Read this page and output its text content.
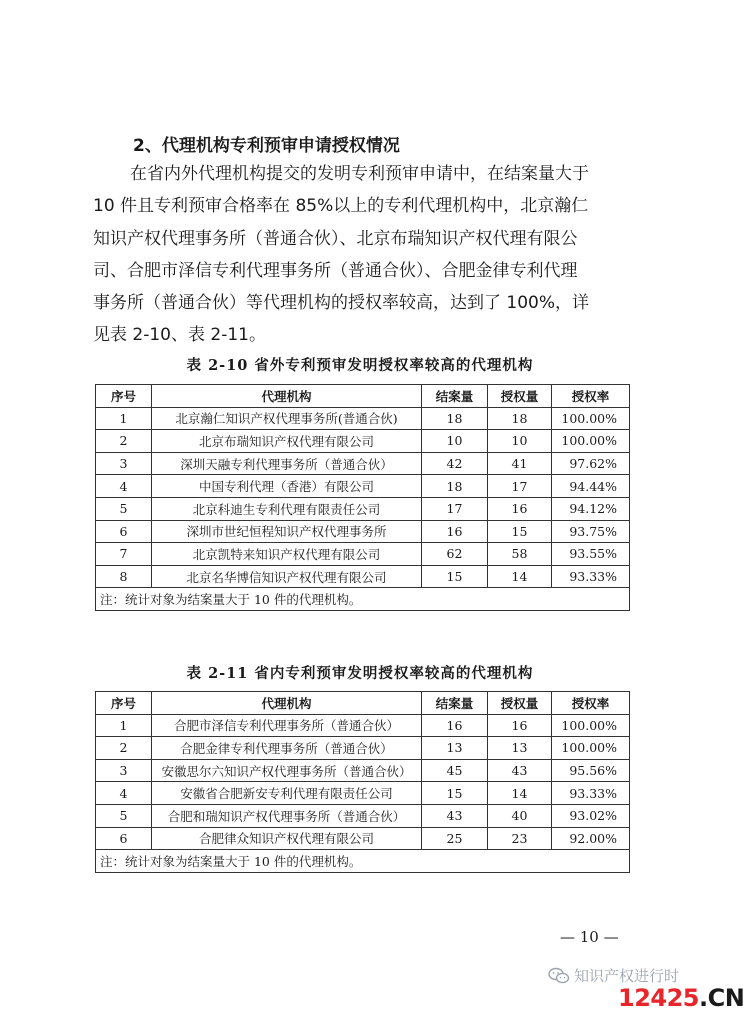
2、代理机构专利预审申请授权情况
在省内外代理机构提交的发明专利预审申请中，在结案量大于
10 件且专利预审合格率在 85%以上的专利代理机构中，北京瀚仁
知识产权代理事务所（普通合伙）、北京布瑞知识产权代理有限公
司、合肥市泽信专利代理事务所（普通合伙）、合肥金律专利代理
事务所（普通合伙）等代理机构的授权率较高，达到了 100%，详
见表 2-10、表 2-11。

表 2-10 省外专利预审发明授权率较高的代理机构

序号	代理机构	结案量	授权量	授权率
1	北京瀚仁知识产权代理事务所(普通合伙)	18	18	100.00%
2	北京布瑞知识产权代理有限公司	10	10	100.00%
3	深圳天融专利代理事务所（普通合伙）	42	41	97.62%
4	中国专利代理（香港）有限公司	18	17	94.44%
5	北京科迪生专利代理有限责任公司	17	16	94.12%
6	深圳市世纪恒程知识产权代理事务所	16	15	93.75%
7	北京凯特来知识产权代理有限公司	62	58	93.55%
8	北京名华博信知识产权代理有限公司	15	14	93.33%
注：统计对象为结案量大于 10 件的代理机构。				

表 2-11 省内专利预审发明授权率较高的代理机构

序号	代理机构	结案量	授权量	授权率
1	合肥市泽信专利代理事务所（普通合伙）	16	16	100.00%
2	合肥金律专利代理事务所（普通合伙）	13	13	100.00%
3	安徽思尔六知识产权代理事务所（普通合伙）	45	43	95.56%
4	安徽省合肥新安专利代理有限责任公司	15	14	93.33%
5	合肥和瑞知识产权代理事务所（普通合伙）	43	40	93.02%
6	合肥律众知识产权代理有限公司	25	23	92.00%
注：统计对象为结案量大于 10 件的代理机构。				

— 10 —

知识产权进行时
12425.CN
